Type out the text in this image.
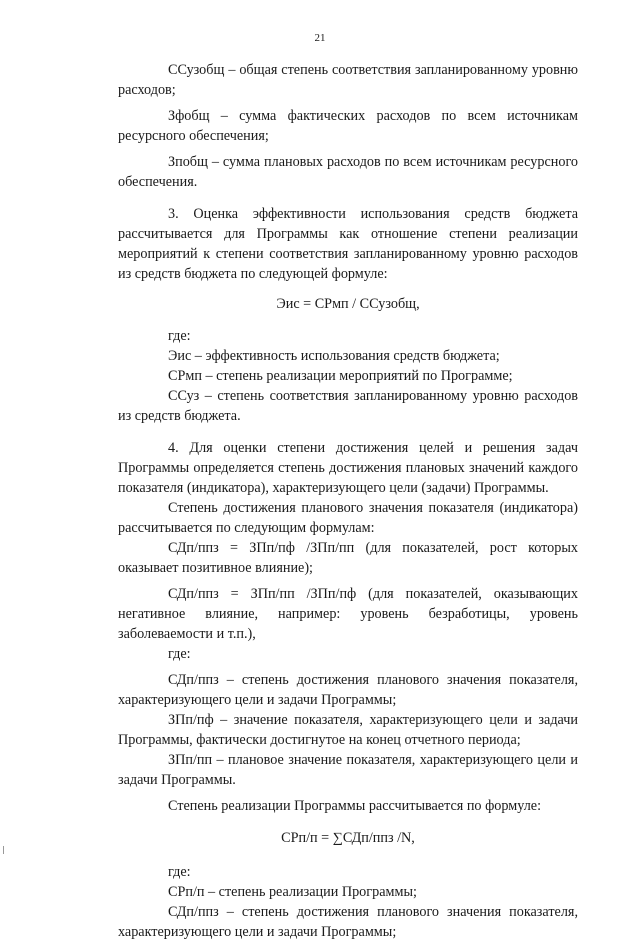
21

ССузобщ – общая степень соответствия запланированному уровню расходов;

Зфобщ – сумма фактических расходов по всем источникам ресурсного обеспечения;

Зпобщ – сумма плановых расходов по всем источникам ресурсного обеспечения.

3. Оценка эффективности использования средств бюджета рассчитывается для Программы как отношение степени реализации мероприятий к степени соответствия запланированному уровню расходов из средств бюджета по следующей формуле:

Эис = СРмп / ССузобщ,

где:

Эис – эффективность использования средств бюджета;

СРмп – степень реализации мероприятий по Программе;

ССуз – степень соответствия запланированному уровню расходов из средств бюджета.

4. Для оценки степени достижения целей и решения задач Программы определяется степень достижения плановых значений каждого показателя (индикатора), характеризующего цели (задачи) Программы.

Степень достижения планового значения показателя (индикатора) рассчитывается по следующим формулам:

СДп/ппз = ЗПп/пф /ЗПп/пп (для показателей, рост которых оказывает позитивное влияние);

СДп/ппз = ЗПп/пп /ЗПп/пф (для показателей, оказывающих негативное влияние, например: уровень безработицы, уровень заболеваемости и т.п.),

где:

СДп/ппз – степень достижения планового значения показателя, характеризующего цели и задачи Программы;

ЗПп/пф – значение показателя, характеризующего цели и задачи Программы, фактически достигнутое на конец отчетного периода;

ЗПп/пп – плановое значение показателя, характеризующего цели и задачи Программы.

Степень реализации Программы рассчитывается по формуле:

СРп/п = ∑СДп/ппз /N,

где:

СРп/п – степень реализации Программы;

СДп/ппз – степень достижения планового значения показателя, характеризующего цели и задачи Программы;
